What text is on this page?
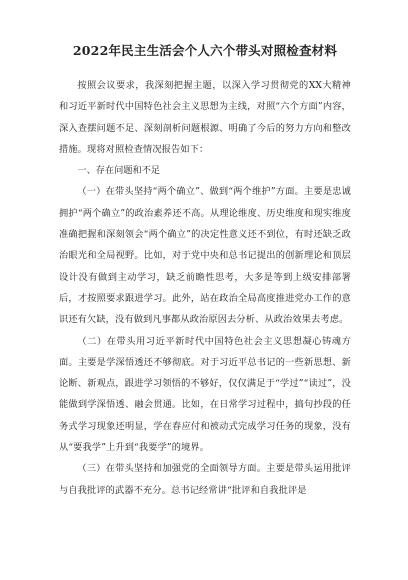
2022年民主生活会个人六个带头对照检查材料

按照会议要求，我深刻把握主题，以深入学习贯彻党的XX大精神和习近平新时代中国特色社会主义思想为主线，对照“六个方面”内容，深入查摆问题不足、深刻剖析问题根源、明确了今后的努力方向和整改措施。现将对照检查情况报告如下：

一、存在问题和不足

（一）在带头坚持“两个确立”、做到“两个维护”方面。主要是忠诚拥护“两个确立”的政治素养还不高。从理论维度、历史维度和现实维度准确把握和深刻领会“两个确立”的决定性意义还不到位，有时还缺乏政治眼光和全局视野。比如，对于党中央和总书记提出的创新理论和顶层设计没有做到主动学习，缺乏前瞻性思考，大多是等到上级安排部署后，才按照要求跟进学习。此外，站在政治全局高度推进党办工作的意识还有欠缺，没有做到凡事都从政治原因去分析、从政治效果去考虑。

（二）在带头用习近平新时代中国特色社会主义思想凝心铸魂方面。主要是学深悟透还不够彻底。对于习近平总书记的一些新思想、新论断、新观点，跟进学习领悟的不够好，仅仅满足于“学过”“读过”，没能做到学深悟透、融会贯通。比如，在日常学习过程中，搞句抄段的任务式学习现象还明显，学在春应付和被动式完成学习任务的现象，没有从“要我学”上升到“我要学”的境界。

（三）在带头坚持和加强党的全面领导方面。主要是带头运用批评与自我批评的武器不充分。总书记经常讲“批评和自我批评是
